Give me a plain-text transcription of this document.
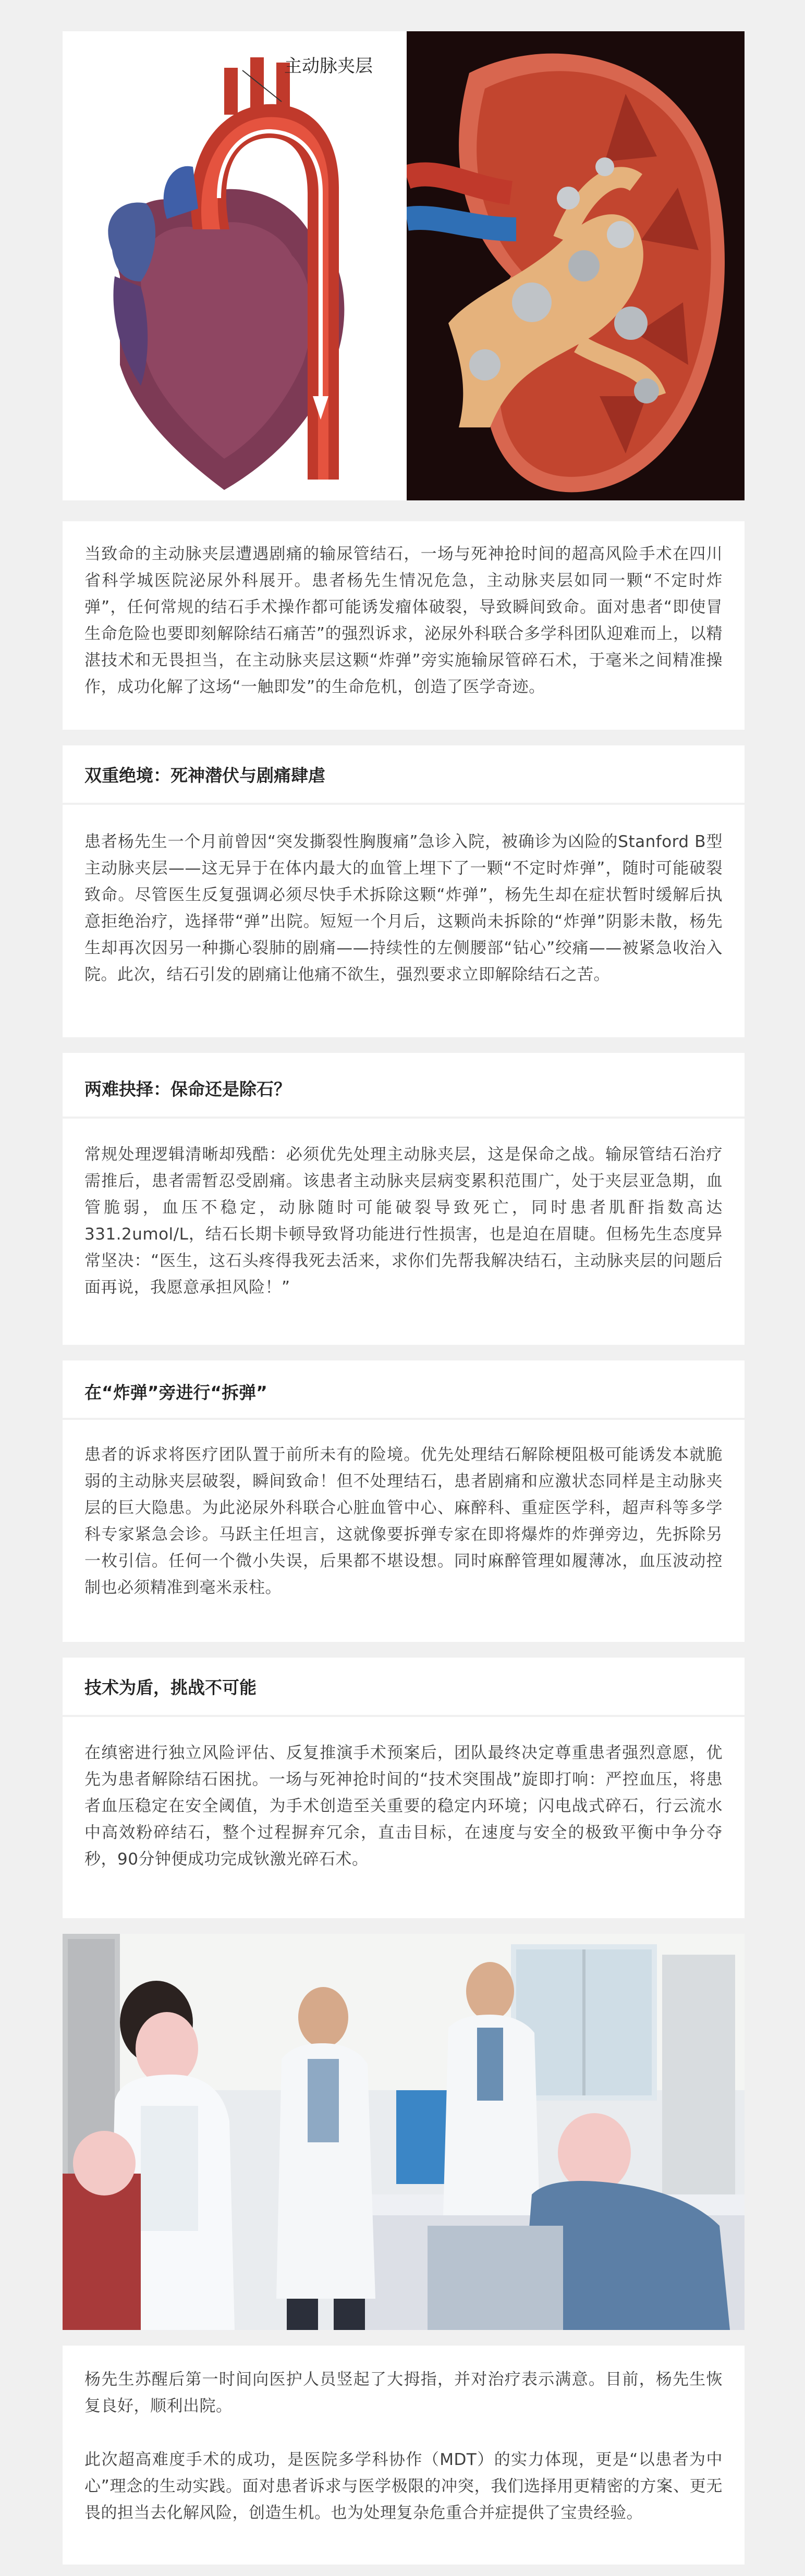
主动脉夹层

当致命的主动脉夹层遭遇剧痛的输尿管结石，一场与死神抢时间的超高风险手术在四川省科学城医院泌尿外科展开。患者杨先生情况危急，主动脉夹层如同一颗“不定时炸弹”，任何常规的结石手术操作都可能诱发瘤体破裂，导致瞬间致命。面对患者“即使冒生命危险也要即刻解除结石痛苦”的强烈诉求，泌尿外科联合多学科团队迎难而上，以精湛技术和无畏担当，在主动脉夹层这颗“炸弹”旁实施输尿管碎石术，于毫米之间精准操作，成功化解了这场“一触即发”的生命危机，创造了医学奇迹。

双重绝境：死神潜伏与剧痛肆虐

患者杨先生一个月前曾因“突发撕裂性胸腹痛”急诊入院，被确诊为凶险的Stanford B型主动脉夹层——这无异于在体内最大的血管上埋下了一颗“不定时炸弹”，随时可能破裂致命。尽管医生反复强调必须尽快手术拆除这颗“炸弹”，杨先生却在症状暂时缓解后执意拒绝治疗，选择带“弹”出院。短短一个月后，这颗尚未拆除的“炸弹”阴影未散，杨先生却再次因另一种撕心裂肺的剧痛——持续性的左侧腰部“钻心”绞痛——被紧急收治入院。此次，结石引发的剧痛让他痛不欲生，强烈要求立即解除结石之苦。

两难抉择：保命还是除石？

常规处理逻辑清晰却残酷：必须优先处理主动脉夹层，这是保命之战。输尿管结石治疗需推后，患者需暂忍受剧痛。该患者主动脉夹层病变累积范围广，处于夹层亚急期，血管脆弱，血压不稳定，动脉随时可能破裂导致死亡，同时患者肌酐指数高达331.2umol/L，结石长期卡顿导致肾功能进行性损害，也是迫在眉睫。但杨先生态度异常坚决：“医生，这石头疼得我死去活来，求你们先帮我解决结石，主动脉夹层的问题后面再说，我愿意承担风险！”

在“炸弹”旁进行“拆弹”

患者的诉求将医疗团队置于前所未有的险境。优先处理结石解除梗阻极可能诱发本就脆弱的主动脉夹层破裂，瞬间致命！但不处理结石，患者剧痛和应激状态同样是主动脉夹层的巨大隐患。为此泌尿外科联合心脏血管中心、麻醉科、重症医学科，超声科等多学科专家紧急会诊。马跃主任坦言，这就像要拆弹专家在即将爆炸的炸弹旁边，先拆除另一枚引信。任何一个微小失误，后果都不堪设想。同时麻醉管理如履薄冰，血压波动控制也必须精准到毫米汞柱。

技术为盾，挑战不可能

在缜密进行独立风险评估、反复推演手术预案后，团队最终决定尊重患者强烈意愿，优先为患者解除结石困扰。一场与死神抢时间的“技术突围战”旋即打响：严控血压，将患者血压稳定在安全阈值，为手术创造至关重要的稳定内环境；闪电战式碎石，行云流水中高效粉碎结石，整个过程摒弃冗余，直击目标，在速度与安全的极致平衡中争分夺秒，90分钟便成功完成钬激光碎石术。

杨先生苏醒后第一时间向医护人员竖起了大拇指，并对治疗表示满意。目前，杨先生恢复良好，顺利出院。

此次超高难度手术的成功，是医院多学科协作（MDT）的实力体现，更是“以患者为中心”理念的生动实践。面对患者诉求与医学极限的冲突，我们选择用更精密的方案、更无畏的担当去化解风险，创造生机。也为处理复杂危重合并症提供了宝贵经验。
